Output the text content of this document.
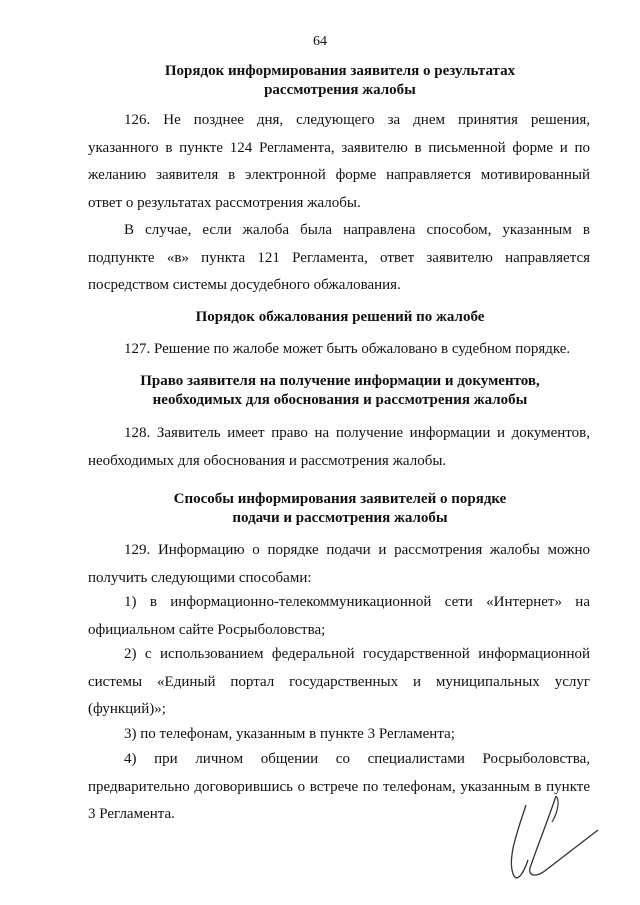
64
Порядок информирования заявителя о результатах рассмотрения жалобы
126. Не позднее дня, следующего за днем принятия решения, указанного в пункте 124 Регламента, заявителю в письменной форме и по желанию заявителя в электронной форме направляется мотивированный ответ о результатах рассмотрения жалобы.
В случае, если жалоба была направлена способом, указанным в подпункте «в» пункта 121 Регламента, ответ заявителю направляется посредством системы досудебного обжалования.
Порядок обжалования решений по жалобе
127. Решение по жалобе может быть обжаловано в судебном порядке.
Право заявителя на получение информации и документов, необходимых для обоснования и рассмотрения жалобы
128. Заявитель имеет право на получение информации и документов, необходимых для обоснования и рассмотрения жалобы.
Способы информирования заявителей о порядке подачи и рассмотрения жалобы
129. Информацию о порядке подачи и рассмотрения жалобы можно получить следующими способами:
1) в информационно-телекоммуникационной сети «Интернет» на официальном сайте Росрыболовства;
2) с использованием федеральной государственной информационной системы «Единый портал государственных и муниципальных услуг (функций)»;
3) по телефонам, указанным в пункте 3 Регламента;
4) при личном общении со специалистами Росрыболовства, предварительно договорившись о встрече по телефонам, указанным в пункте 3 Регламента.
